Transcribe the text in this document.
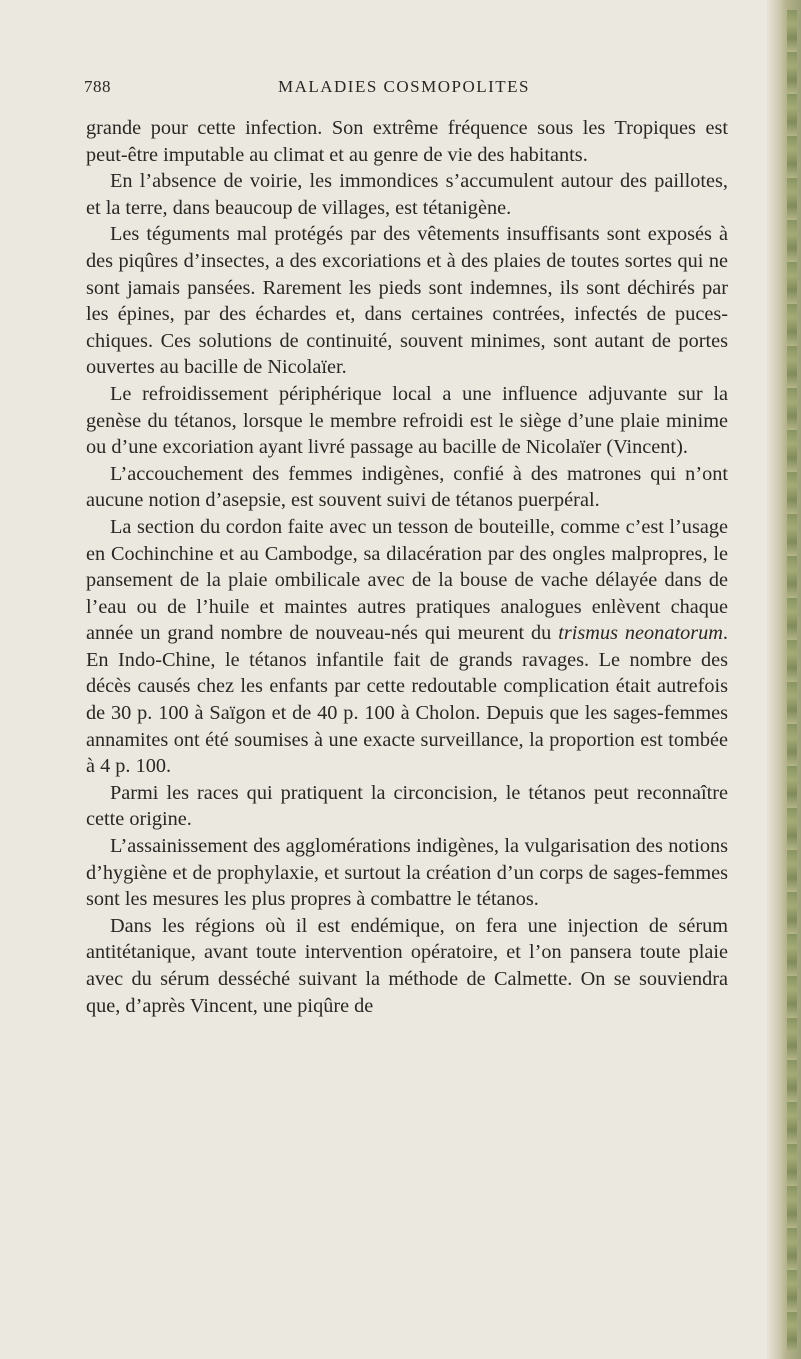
788	MALADIES COSMOPOLITES

grande pour cette infection. Son extrême fréquence sous les Tropiques est peut-être imputable au climat et au genre de vie des habitants.

En l’absence de voirie, les immondices s’accumulent autour des paillotes, et la terre, dans beaucoup de villages, est tétanigène.

Les téguments mal protégés par des vêtements insuffisants sont exposés à des piqûres d’insectes, a des excoriations et à des plaies de toutes sortes qui ne sont jamais pansées. Rarement les pieds sont indemnes, ils sont déchirés par les épines, par des échardes et, dans certaines contrées, infectés de puces-chiques. Ces solutions de continuité, souvent minimes, sont autant de portes ouvertes au bacille de Nicolaïer.

Le refroidissement périphérique local a une influence adjuvante sur la genèse du tétanos, lorsque le membre refroidi est le siège d’une plaie minime ou d’une excoriation ayant livré passage au bacille de Nicolaïer (Vincent).

L’accouchement des femmes indigènes, confié à des matrones qui n’ont aucune notion d’asepsie, est souvent suivi de tétanos puerpéral.

La section du cordon faite avec un tesson de bouteille, comme c’est l’usage en Cochinchine et au Cambodge, sa dilacération par des ongles malpropres, le pansement de la plaie ombilicale avec de la bouse de vache délayée dans de l’eau ou de l’huile et maintes autres pratiques analogues enlèvent chaque année un grand nombre de nouveau-nés qui meurent du trismus neonatorum. En Indo-Chine, le tétanos infantile fait de grands ravages. Le nombre des décès causés chez les enfants par cette redoutable complication était autrefois de 30 p. 100 à Saïgon et de 40 p. 100 à Cholon. Depuis que les sages-femmes annamites ont été soumises à une exacte surveillance, la proportion est tombée à 4 p. 100.

Parmi les races qui pratiquent la circoncision, le tétanos peut reconnaître cette origine.

L’assainissement des agglomérations indigènes, la vulgarisation des notions d’hygiène et de prophylaxie, et surtout la création d’un corps de sages-femmes sont les mesures les plus propres à combattre le tétanos.

Dans les régions où il est endémique, on fera une injection de sérum antitétanique, avant toute intervention opératoire, et l’on pansera toute plaie avec du sérum desséché suivant la méthode de Calmette. On se souviendra que, d’après Vincent, une piqûre de
